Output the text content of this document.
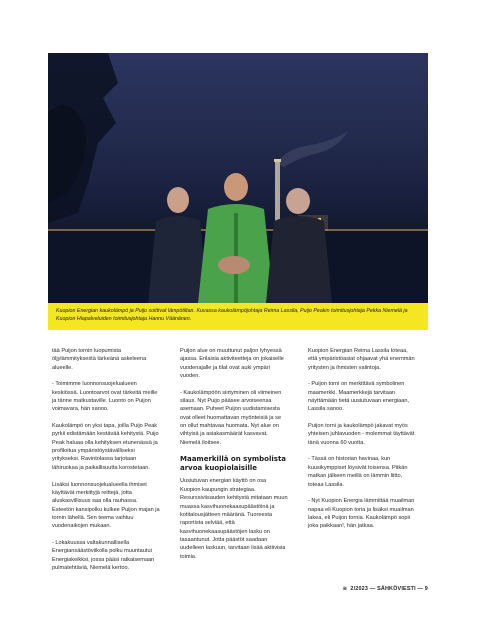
Kuopion Energian kaukolämpö ja Puijo soittivat lämpötiltan. Kuvassa kaukolämpöjohtaja Reima Lassila, Puijo Peakin toimitusjohtaja Pekka Niemelä ja Kuopion Hiapalveluiden toimitusjohtaja Hannu Väänänen.

tää Puijon tornin luopumista öljylämmitykseśtä tärkeänä askeleena alueelle.

- Toimimme luonnonsuojelualueen keskiössä. Luontoarvot ovat tärkeitä meille ja tänne matkustaville. Luonto on Puijon voimavara, hän sanoo.

Kaukolämpö on yksi tapa, joilla Puijo Peak pyrkii edistämään kestävää kehitystä. Puijo Peak haluaa olla kehityksen etunenässä ja profiloitua ympäristöystävälliseksi yritykseksi. Ravintolassa tarjotaan lähiruokaa ja paikallisuutta korostetaan.

Lisäksi luonnonsuojelualueella ihmiset käyttävät merkittyjä reittejä, jotta aluskasvillisuus saa olla rauhassa. Esteetön kansipolku kulkee Puijon majan ja tornin lähellä. Sen teema vaihtuu vuodenaikojen mukaan.

- Lokakuussa valtakunnallisella Energiansäästöviikolla polku muuntautui Energiakeikksi, jossa pääsi ratkaisemaan pulmatehtäviä, Niemelä kertoo.

Puijon alue on muuttunut paljon lyhyessä ajassa. Erilaisia aktiviteetteja on jokaiselle vuodenajalle ja tilat ovat auki ympäri vuoden.

- Kaukolämpöön siirtyminen oli viimeinen silaus. Nyt Puijo pääsee arvoiseensa asemaan. Puheet Puijon uudistamisesta ovat olleet huomattavan myönteisiä ja se on ollut mahtavaa huomata. Nyt alue on vihtyisä ja asiakasmäärät kasvavat, Niemelä iloitsee.

Maamerkillä on symbolista arvoa kuopiolaisille

Uusiutuvan energian käyttö on osa Kuopion kaupungin strategiaa. Resurssiviisauden kehitystä mitataan muun muassa kasvihuonekaasupäästöinä ja kotitalousjätteen määränä. Tuoreesta raportista selviää, että kasvihuonekaasupäästöjen lasku on tasaantunut. Jotta päästöt saadaan uudelleen laskuun, tarvitaan lisää aktiivisia toimia.

Kuopion Energian Reima Lassila toteaa, että ympäristöasiat ohjaavat yhä enemmän yritysten ja ihmisten valintoja.

- Puijon torni on merkittävä symbolinen maamerkki. Maamerkkejä tarvitaan näyttämään tietä uusiutuvaan energiaan, Lassila sanoo.

Puijon torni ja kaukolämpö jakavat myös yhteisen juhlavuoden - molemmat täyttävät tänä vuonna 60 vuotta.

- Tässä on historian havinaa, kun kuusikymppiset löysivät toisensa. Pitkän matkan jälkeen meillä on lämmin liitto, toteaa Lassila.

- Nyt Kuopion Energia lämmittää muailman napaa eli Kuopion toria ja lisäksi muailman lakea, eli Puijon tornia. Kaukolämpö sopii joka paikkaan!, hän jatkaa.

≋ 2/2023 — SÄHKÖVIESTI — 9
